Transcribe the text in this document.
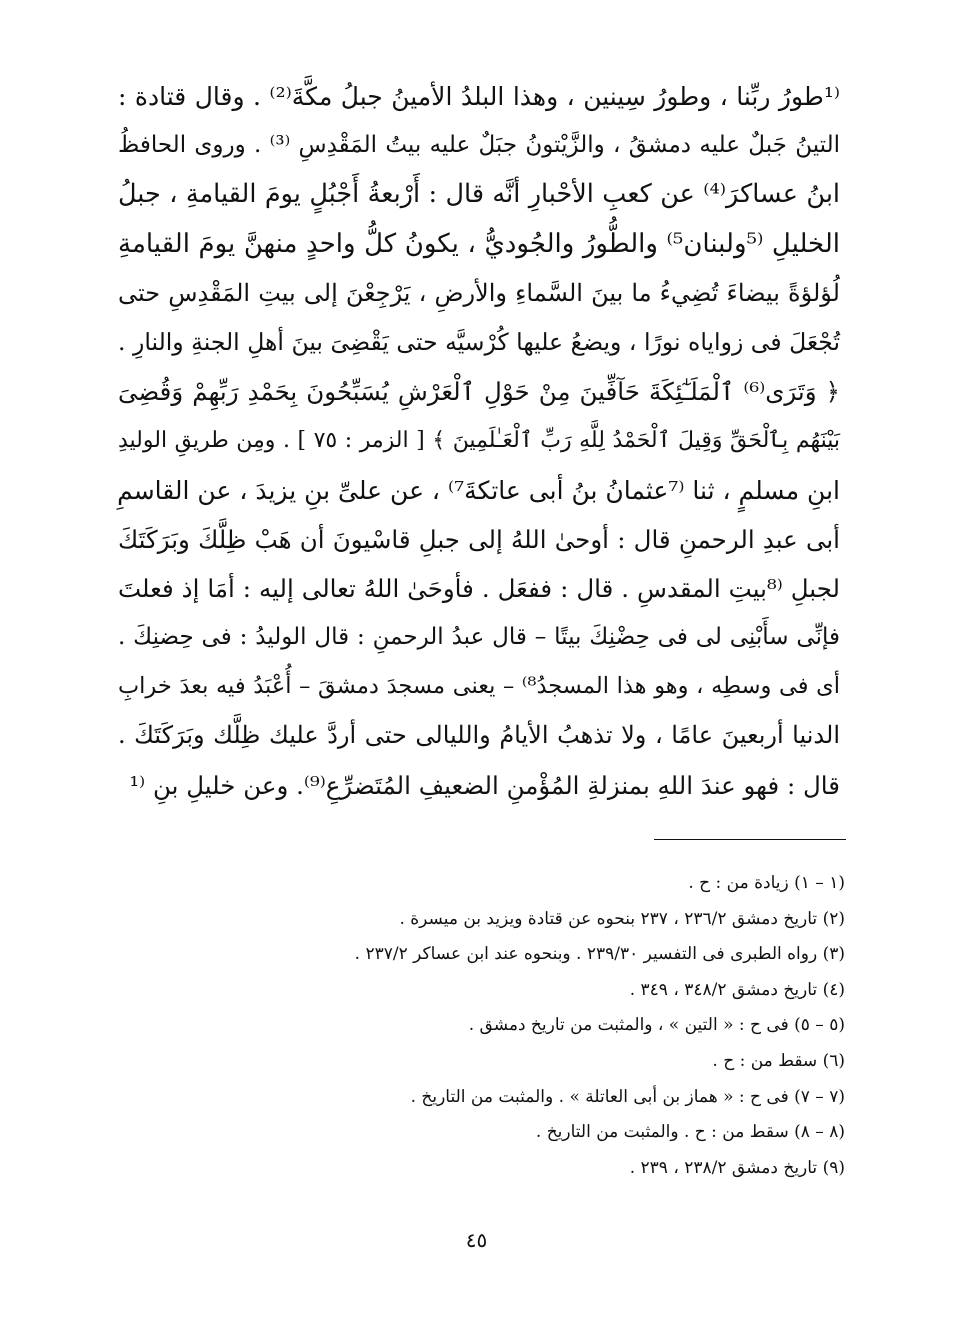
⁽¹طورُ ربِّنا ، وطورُ سِينين ، وهذا البلدُ الأمينُ جبلُ مكَّةَ⁽²⁾ . وقال قتادة :
التينُ جَبلٌ عليه دمشقُ ، والزَّيْتونُ جبَلٌ عليه بيتُ المَقْدِسِ ⁽³⁾ . وروى الحافظُ
ابنُ عساكرَ⁽⁴⁾ عن كعبِ الأحْبارِ أنَّه قال : أَرْبعةُ أَجْبُلٍ يومَ القيامةِ ، جبلُ
الخليلِ ⁽⁵ولبنان⁵⁾ والطُّورُ والجُوديُّ ، يكونُ كلُّ واحدٍ منهنَّ يومَ القيامةِ
لُؤلؤةً بيضاءَ تُضِيءُ ما بينَ السَّماءِ والأرضِ ، يَرْجِعْنَ إلى بيتِ المَقْدِسِ حتى
تُجْعَلَ فى زواياه نورًا ، ويضعُ عليها كُرْسيَّه حتى يَقْضِىَ بينَ أهلِ الجنةِ والنارِ .
﴿ وَتَرَى⁽⁶⁾ ٱلْمَلَـٰٓئِكَةَ حَآفِّينَ مِنْ حَوْلِ ٱلْعَرْشِ يُسَبِّحُونَ بِحَمْدِ رَبِّهِمْ وَقُضِىَ
بَيْنَهُم بِٱلْحَقِّ وَقِيلَ ٱلْحَمْدُ لِلَّهِ رَبِّ ٱلْعَـٰلَمِينَ ﴾ [ الزمر : ٧٥ ] . ومِن طريقِ الوليدِ
ابنِ مسلمٍ ، ثنا ⁽⁷عثمانُ بنُ أبى عاتكةَ⁷⁾ ، عن علىِّ بنِ يزيدَ ، عن القاسمِ
أبى عبدِ الرحمنِ قال : أوحىٰ اللهُ إلى جبلِ قاسْيونَ أن هَبْ ظِلَّكَ وبَرَكَتَكَ
لجبلِ ⁽⁸بيتِ المقدسِ . قال : ففعَل . فأوحَىٰ اللهُ تعالى إليه : أمَا إذ فعلتَ
فإنِّى سأَبْنِى لى فى حِضْنِكَ بيتًا – قال عبدُ الرحمنِ : قال الوليدُ : فى حِضنِكَ .
أى فى وسطِه ، وهو هذا المسجدُ⁸⁾ – يعنى مسجدَ دمشقَ – أُعْبَدُ فيه بعدَ خرابِ
الدنيا أربعينَ عامًا ، ولا تذهبُ الأيامُ والليالى حتى أردَّ عليك ظِلَّك وبَرَكَتَكَ .
قال : فهو عندَ اللهِ بمنزلةِ المُؤْمنِ الضعيفِ المُتَضرِّعِ⁽⁹⁾. وعن خليلِ بنِ ⁽¹
(١ – ١) زيادة من : ح .
(٢) تاريخ دمشق ٢٣٦/٢ ، ٢٣٧ بنحوه عن قتادة ويزيد بن ميسرة .
(٣) رواه الطبرى فى التفسير ٢٣٩/٣٠ . وبنحوه عند ابن عساكر ٢٣٧/٢ .
(٤) تاريخ دمشق ٣٤٨/٢ ، ٣٤٩ .
(٥ – ٥) فى ح : « التين » ، والمثبت من تاريخ دمشق .
(٦) سقط من : ح .
(٧ – ٧) فى ح : « هماز بن أبى العاتلة » . والمثبت من التاريخ .
(٨ – ٨) سقط من : ح . والمثبت من التاريخ .
(٩) تاريخ دمشق ٢٣٨/٢ ، ٢٣٩ .
٤٥
